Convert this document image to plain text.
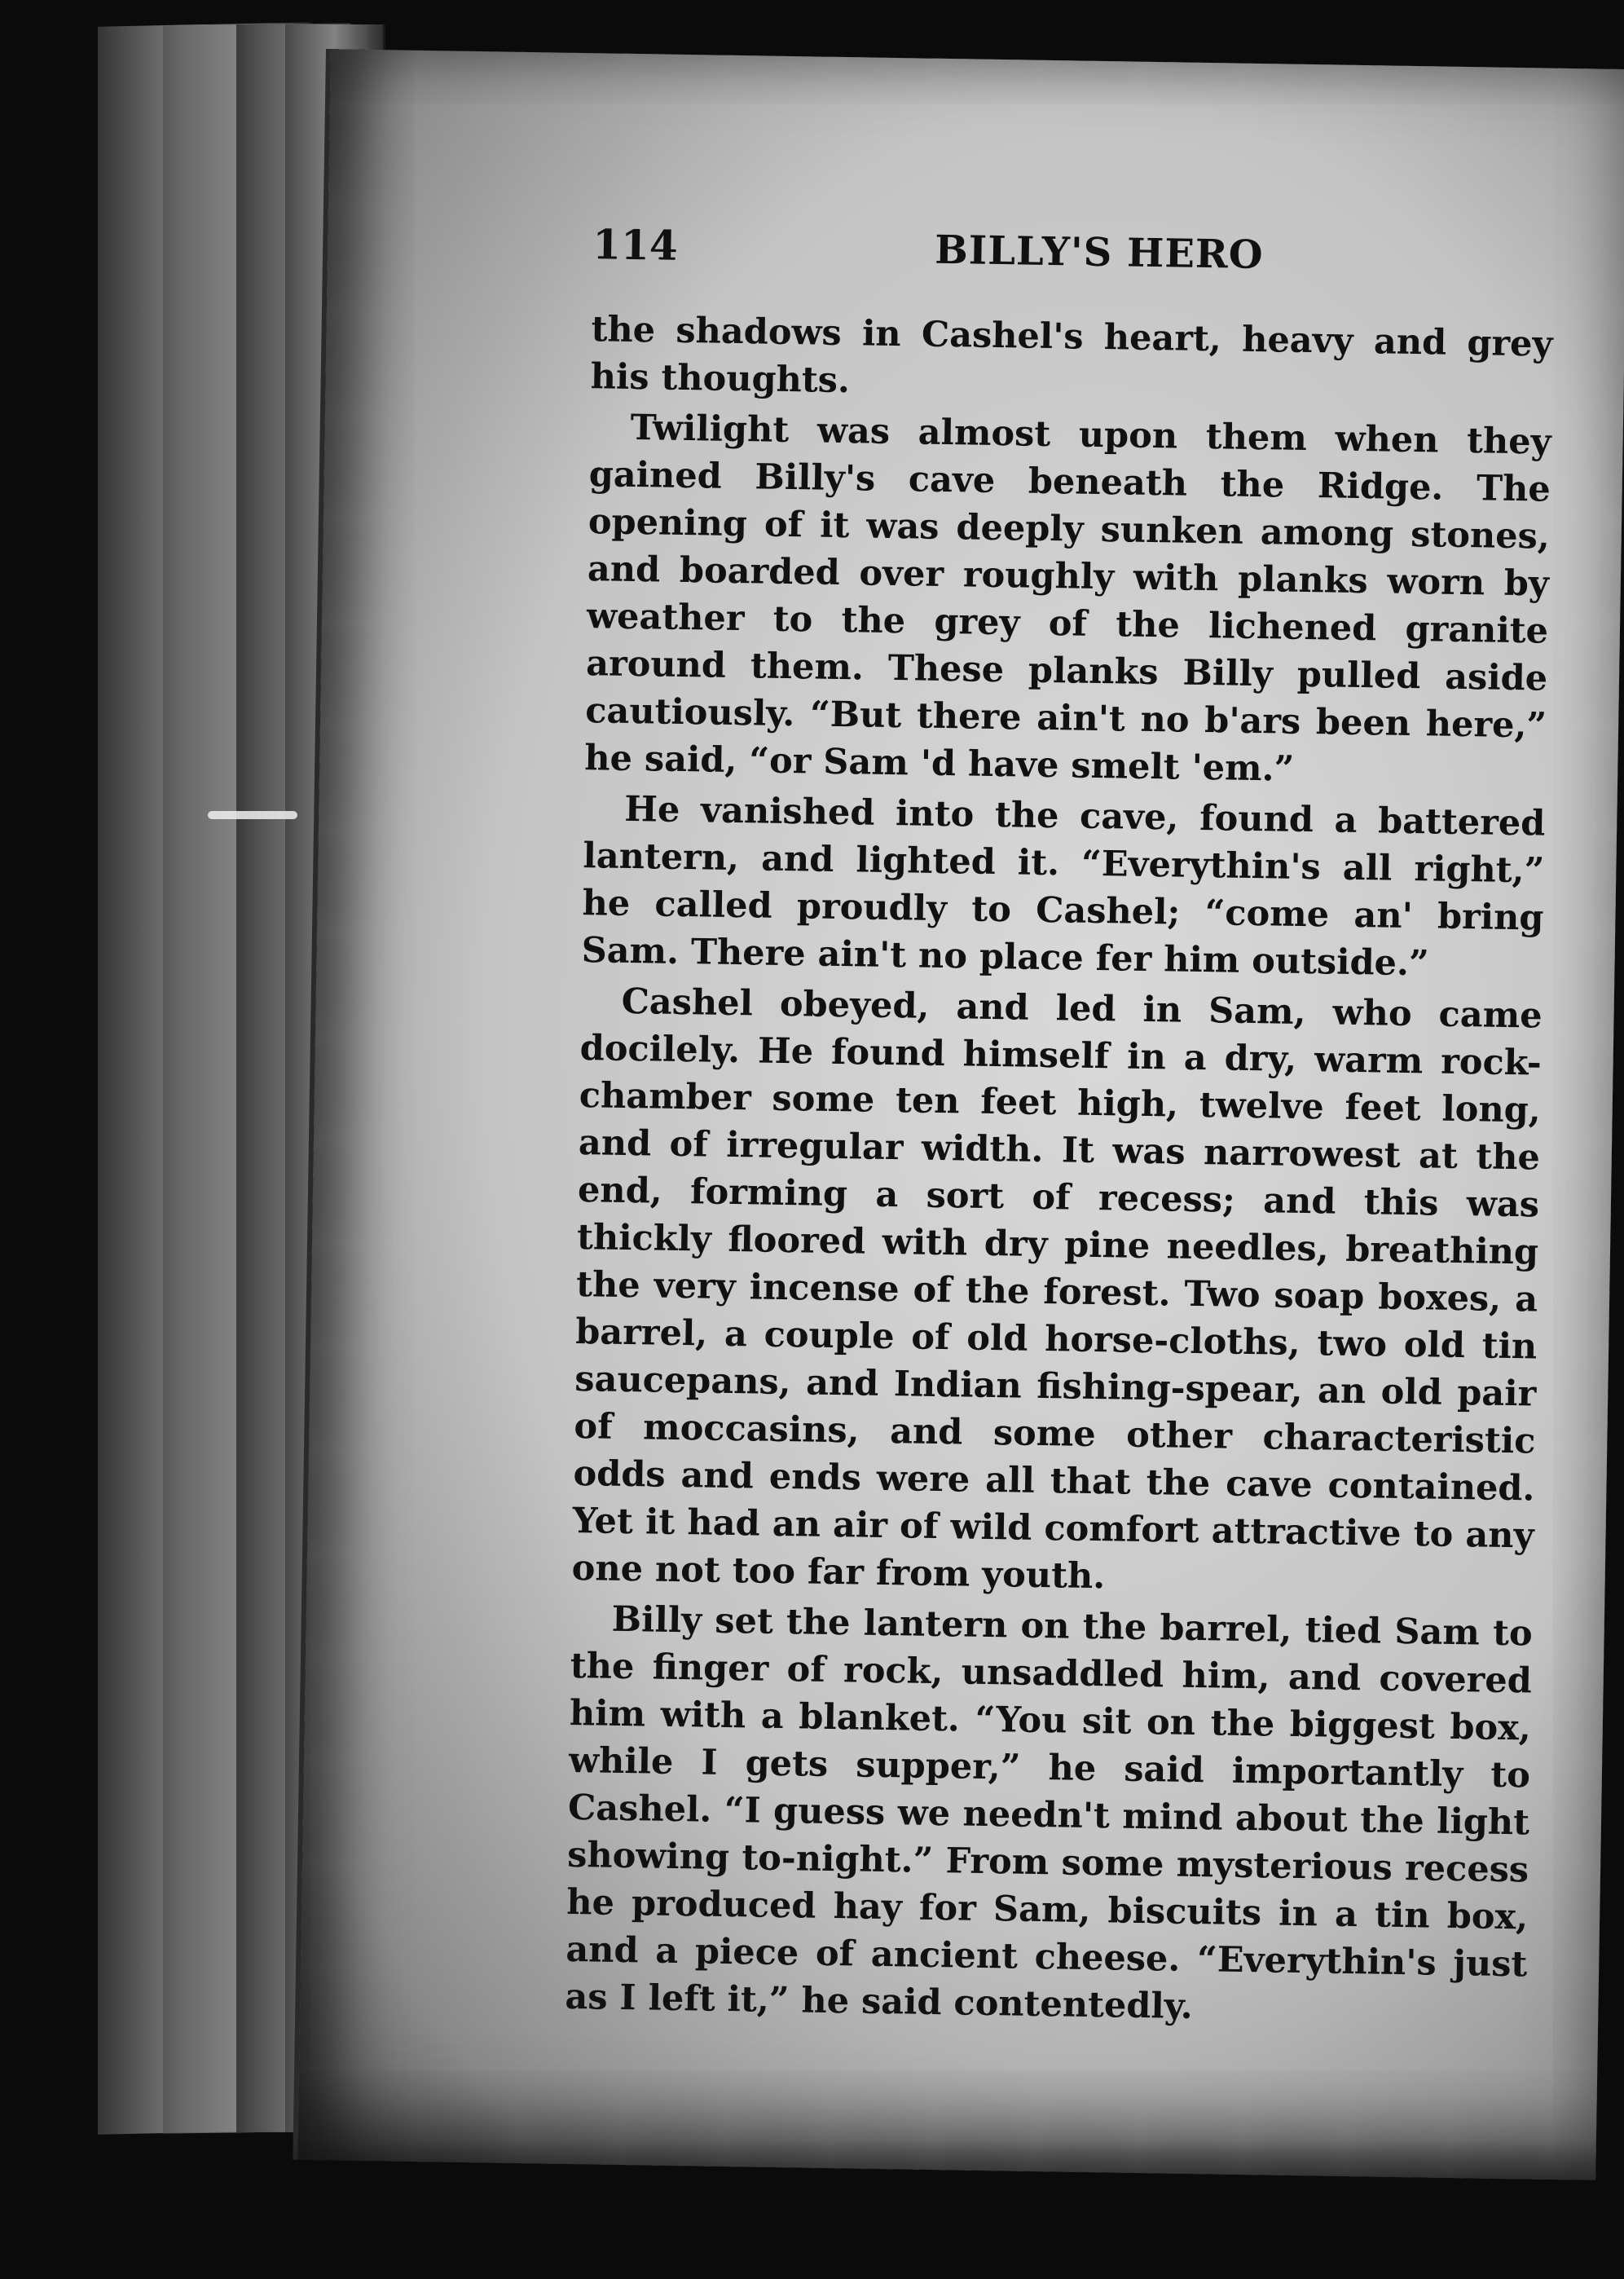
114	BILLY'S HERO

the shadows in Cashel's heart, heavy and grey his thoughts.

Twilight was almost upon them when they gained Billy's cave beneath the Ridge. The opening of it was deeply sunken among stones, and boarded over roughly with planks worn by weather to the grey of the lichened granite around them. These planks Billy pulled aside cautiously. “But there ain't no b'ars been here,” he said, “or Sam 'd have smelt 'em.”

He vanished into the cave, found a battered lantern, and lighted it. “Everythin's all right,” he called proudly to Cashel; “come an' bring Sam. There ain't no place fer him outside.”

Cashel obeyed, and led in Sam, who came docilely. He found himself in a dry, warm rock-chamber some ten feet high, twelve feet long, and of irregular width. It was narrowest at the end, forming a sort of recess; and this was thickly floored with dry pine needles, breathing the very incense of the forest. Two soap boxes, a barrel, a couple of old horse-cloths, two old tin saucepans, and Indian fishing-spear, an old pair of moccasins, and some other characteristic odds and ends were all that the cave contained. Yet it had an air of wild comfort attractive to any one not too far from youth.

Billy set the lantern on the barrel, tied Sam to the finger of rock, unsaddled him, and covered him with a blanket. “You sit on the biggest box, while I gets supper,” he said importantly to Cashel. “I guess we needn't mind about the light showing to-night.” From some mysterious recess he produced hay for Sam, biscuits in a tin box, and a piece of ancient cheese. “Everythin's just as I left it,” he said contentedly.
